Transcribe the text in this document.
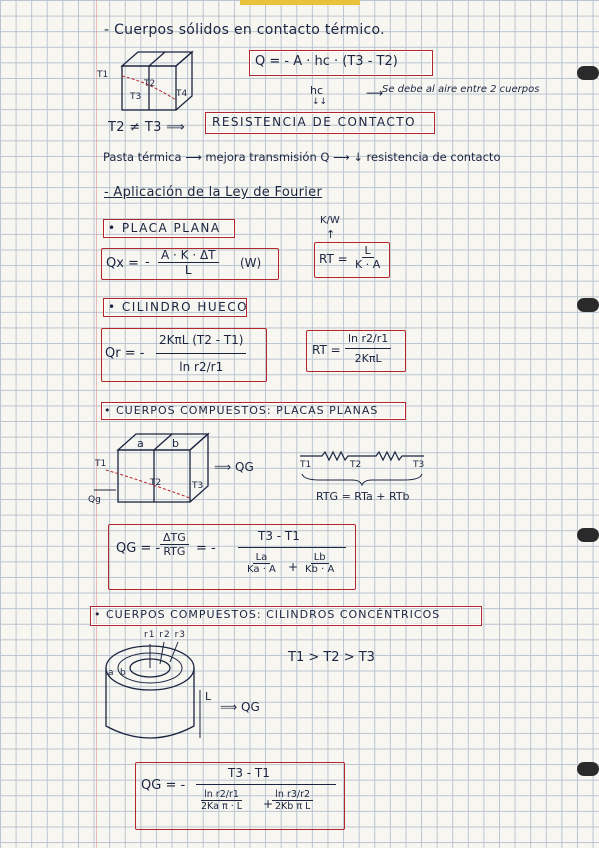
- Cuerpos sólidos en contacto térmico.
T1
T2
T3	T4
Q = - A · hc · (T3 - T2)
hc
↓↓
⟶
Se debe al aire entre 2 cuerpos
T2 ≠ T3 ⟹ RESISTENCIA DE CONTACTO
Pasta térmica ⟶ mejora transmisión Q ⟶ ↓ resistencia de contacto
- Aplicación de la Ley de Fourier
• PLACA PLANA
K/W
↑
Qx = - $\frac{A \cdot K \cdot \Delta T}{L} (W)$	RT = $\frac{L}{K \cdot A}$
• CILINDRO HUECO
Qr = -
2KπL (T2 - T1)
ln r2/r1
RT =
ln r2/r1
2KπL
• CUERPOS COMPUESTOS: PLACAS PLANAS
a	b
T1
T2	T3
Qg
⟹ QG	T1	T2	T3
RTG = RTa + RTb
QG = -
ΔTG
RTG = -
T3 - T1
$\frac{La}{Ka \cdot A} + \frac{Lb}{Kb \cdot A}$
• CUERPOS COMPUESTOS: CILINDROS CONCÉNTRICOS
r1 r2 r3
a b
L
⟹ QG
T1 > T2 > T3
QG = -
T3 - T1
$\frac{\text{ln r2/r1}}{\text{2Ka π · L}}$ +
$\frac{\text{ln r3/r2}}{\text{2Kb π L}}$
